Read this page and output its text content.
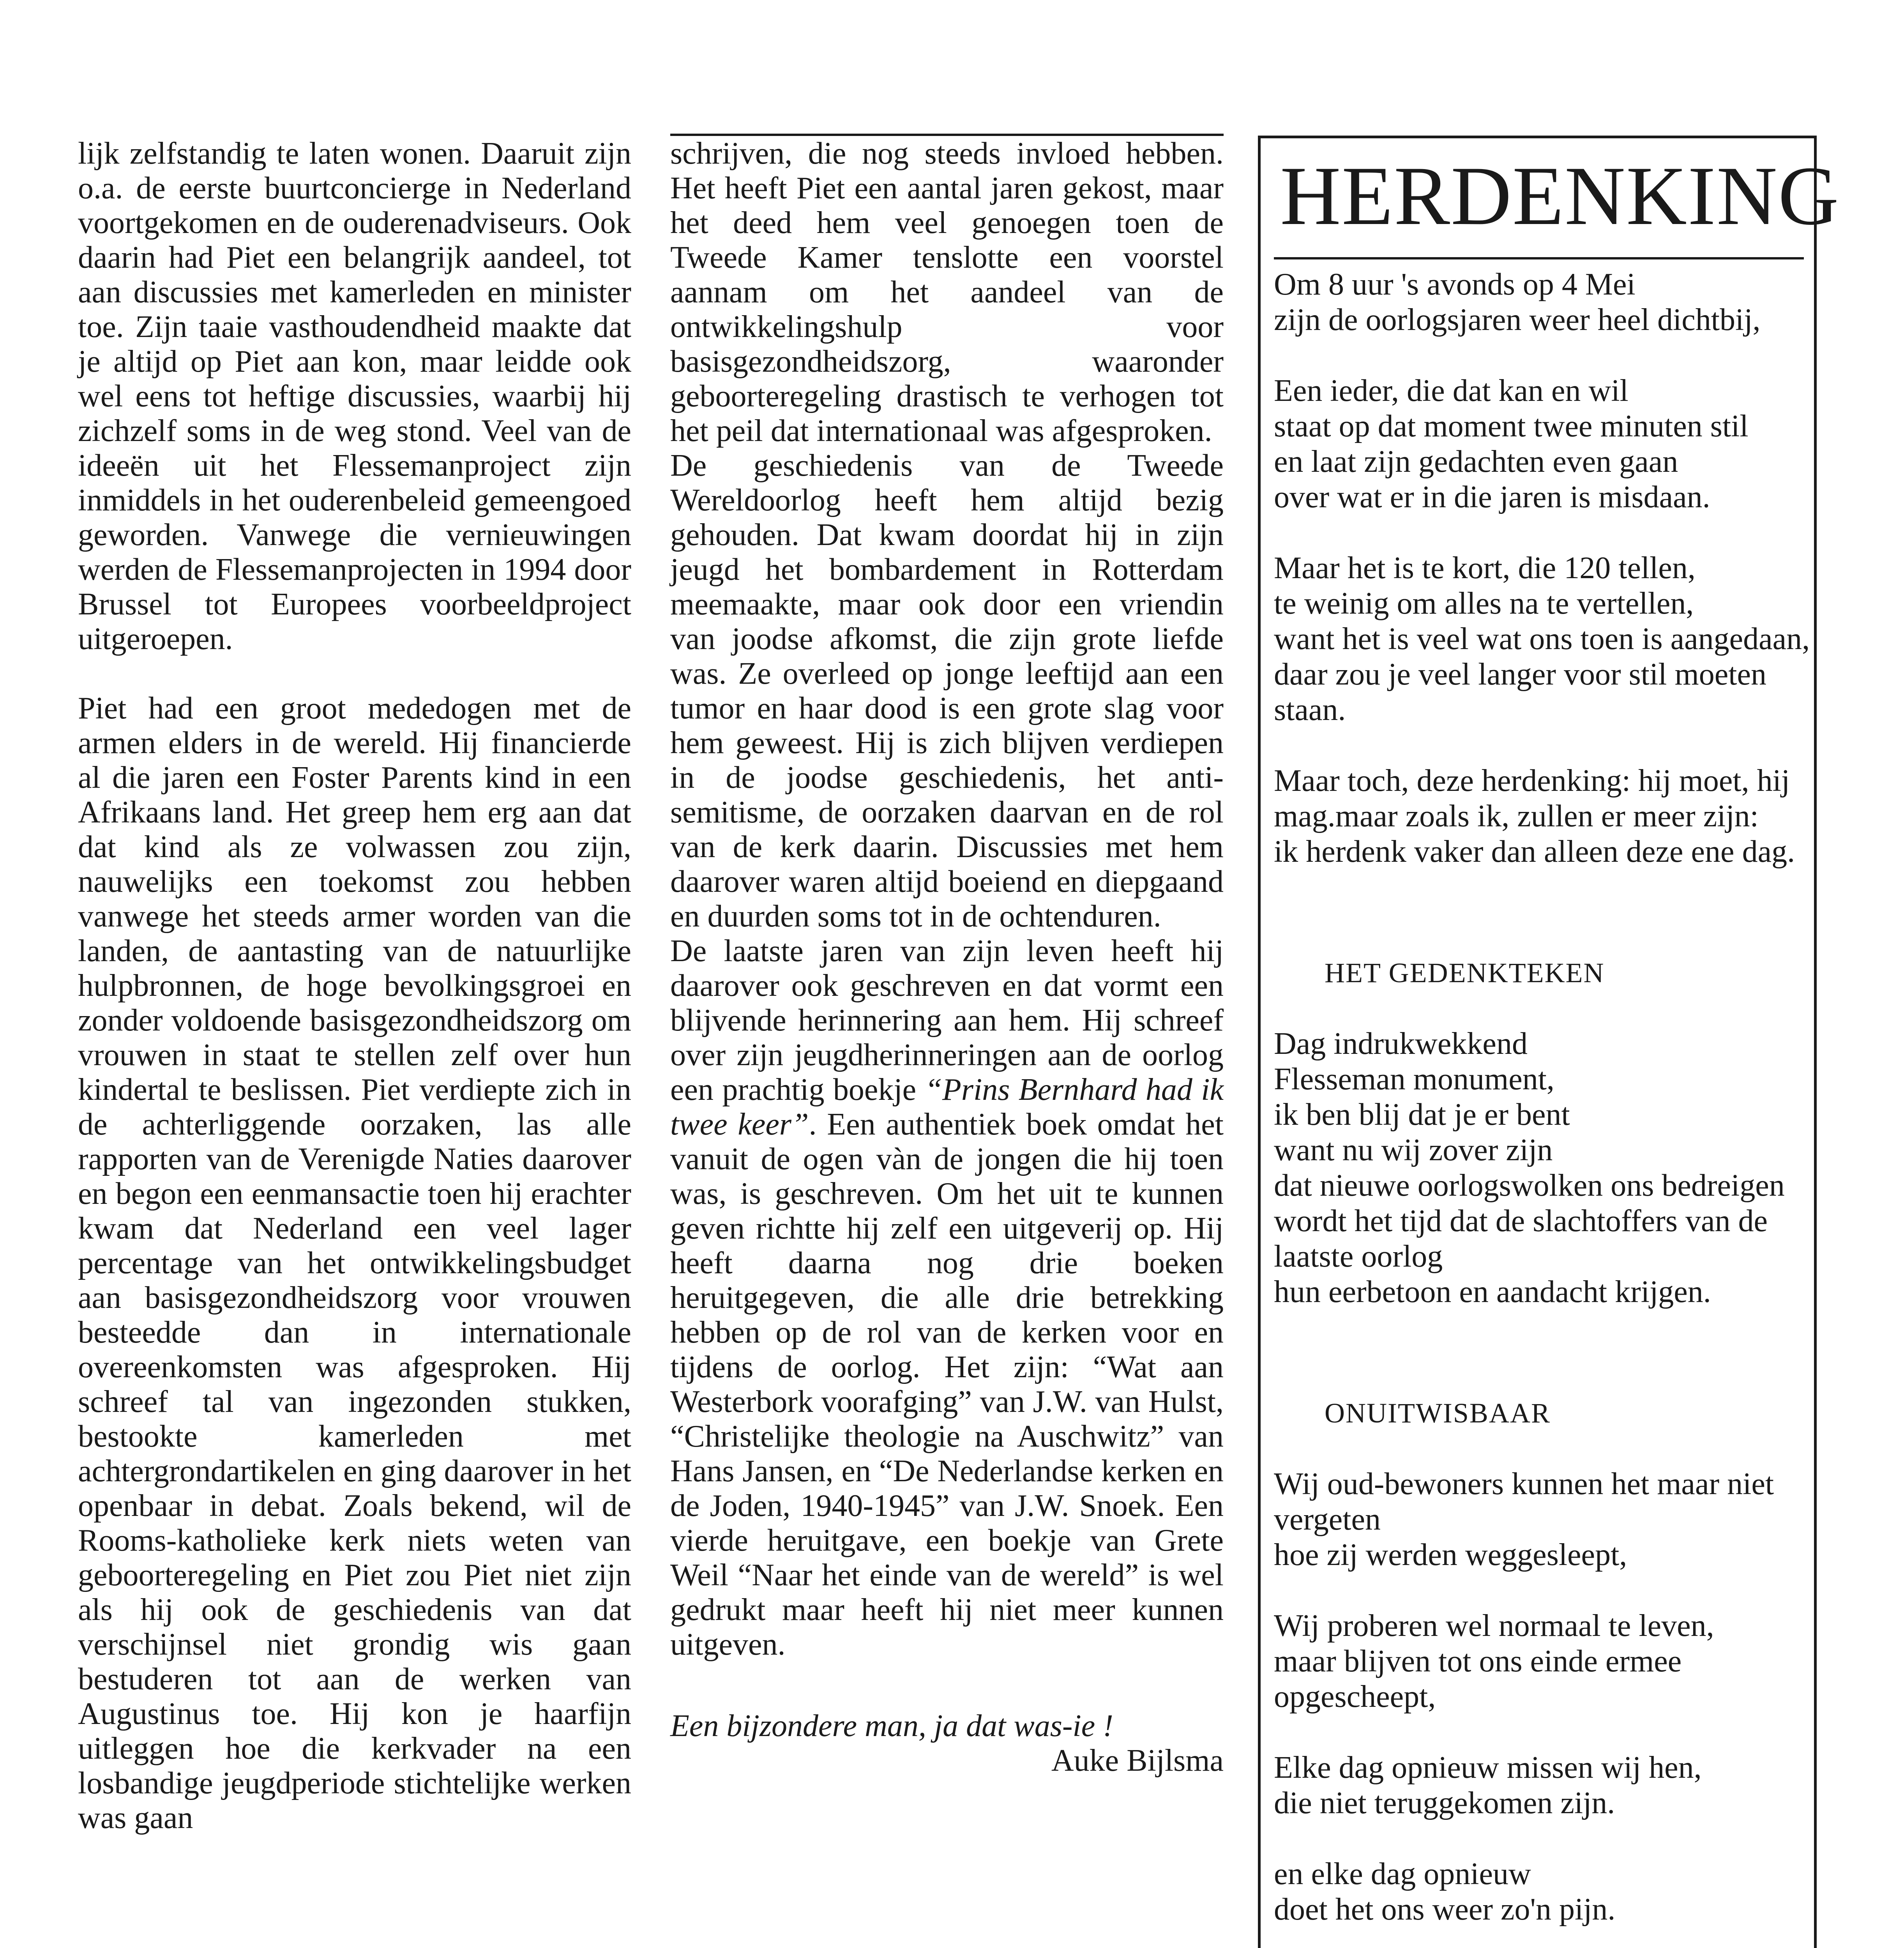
lijk zelfstandig te laten wonen. Daaruit zijn o.a. de eerste buurtconcierge in Nederland voortgekomen en de ouderenadviseurs. Ook daarin had Piet een belangrijk aandeel, tot aan discussies met kamerleden en minister toe. Zijn taaie vasthoudendheid maakte dat je altijd op Piet aan kon, maar leidde ook wel eens tot heftige discussies, waarbij hij zichzelf soms in de weg stond. Veel van de ideeën uit het Flessemanproject zijn inmiddels in het ouderenbeleid gemeengoed geworden. Vanwege die vernieuwingen werden de Flessemanprojecten in 1994 door Brussel tot Europees voorbeeldproject uitgeroepen.

Piet had een groot mededogen met de armen elders in de wereld. Hij financierde al die jaren een Foster Parents kind in een Afrikaans land. Het greep hem erg aan dat dat kind als ze volwassen zou zijn, nauwelijks een toekomst zou hebben vanwege het steeds armer worden van die landen, de aantasting van de natuurlijke hulpbronnen, de hoge bevolkingsgroei en zonder voldoende basisgezondheidszorg om vrouwen in staat te stellen zelf over hun kindertal te beslissen. Piet verdiepte zich in de achterliggende oorzaken, las alle rapporten van de Verenigde Naties daarover en begon een eenmansactie toen hij erachter kwam dat Nederland een veel lager percentage van het ontwikkelingsbudget aan basisgezondheidszorg voor vrouwen besteedde dan in internationale overeenkomsten was afgesproken. Hij schreef tal van ingezonden stukken, bestookte kamerleden met achtergrondartikelen en ging daarover in het openbaar in debat. Zoals bekend, wil de Rooms-katholieke kerk niets weten van geboorteregeling en Piet zou Piet niet zijn als hij ook de geschiedenis van dat verschijnsel niet grondig wis gaan bestuderen tot aan de werken van Augustinus toe. Hij kon je haarfijn uitleggen hoe die kerkvader na een losbandige jeugdperiode stichtelijke werken was gaan

schrijven, die nog steeds invloed hebben. Het heeft Piet een aantal jaren gekost, maar het deed hem veel genoegen toen de Tweede Kamer tenslotte een voorstel aannam om het aandeel van de ontwikkelingshulp voor basisgezondheidszorg, waaronder geboorteregeling drastisch te verhogen tot het peil dat internationaal was afgesproken.

De geschiedenis van de Tweede Wereldoorlog heeft hem altijd bezig gehouden. Dat kwam doordat hij in zijn jeugd het bombardement in Rotterdam meemaakte, maar ook door een vriendin van joodse afkomst, die zijn grote liefde was. Ze overleed op jonge leeftijd aan een tumor en haar dood is een grote slag voor hem geweest. Hij is zich blijven verdiepen in de joodse geschiedenis, het anti-semitisme, de oorzaken daarvan en de rol van de kerk daarin. Discussies met hem daarover waren altijd boeiend en diepgaand en duurden soms tot in de ochtenduren.

De laatste jaren van zijn leven heeft hij daarover ook geschreven en dat vormt een blijvende herinnering aan hem. Hij schreef over zijn jeugdherinneringen aan de oorlog een prachtig boekje “Prins Bernhard had ik twee keer”. Een authentiek boek omdat het vanuit de ogen vàn de jongen die hij toen was, is geschreven. Om het uit te kunnen geven richtte hij zelf een uitgeverij op. Hij heeft daarna nog drie boeken heruitgegeven, die alle drie betrekking hebben op de rol van de kerken voor en tijdens de oorlog. Het zijn: “Wat aan Westerbork voorafging” van J.W. van Hulst, “Christelijke theologie na Auschwitz” van Hans Jansen, en “De Nederlandse kerken en de Joden, 1940-1945” van J.W. Snoek. Een vierde heruitgave, een boekje van Grete Weil “Naar het einde van de wereld” is wel gedrukt maar heeft hij niet meer kunnen uitgeven.

Een bijzondere man, ja dat was-ie !

Auke Bijlsma

HERDENKING
Om 8 uur 's avonds op 4 Mei
zijn de oorlogsjaren weer heel dichtbij,
Een ieder, die dat kan en wil
staat op dat moment twee minuten stil
en laat zijn gedachten even gaan
over wat er in die jaren is misdaan.
Maar het is te kort, die 120 tellen,
te weinig om alles na te vertellen,
want het is veel wat ons toen is aangedaan,
daar zou je veel langer voor stil moeten
staan.
Maar toch, deze herdenking: hij moet, hij
mag.maar zoals ik, zullen er meer zijn:
ik herdenk vaker dan alleen deze ene dag.
HET GEDENKTEKEN
Dag indrukwekkend
Flesseman monument,
ik ben blij dat je er bent
want nu wij zover zijn
dat nieuwe oorlogswolken ons bedreigen
wordt het tijd dat de slachtoffers van de
laatste oorlog
hun eerbetoon en aandacht krijgen.
ONUITWISBAAR
Wij oud-bewoners kunnen het maar niet
vergeten
hoe zij werden weggesleept,
Wij proberen wel normaal te leven,
maar blijven tot ons einde ermee
opgescheept,
Elke dag opnieuw missen wij hen,
die niet teruggekomen zijn.
en elke dag opnieuw
doet het ons weer zo'n pijn.
